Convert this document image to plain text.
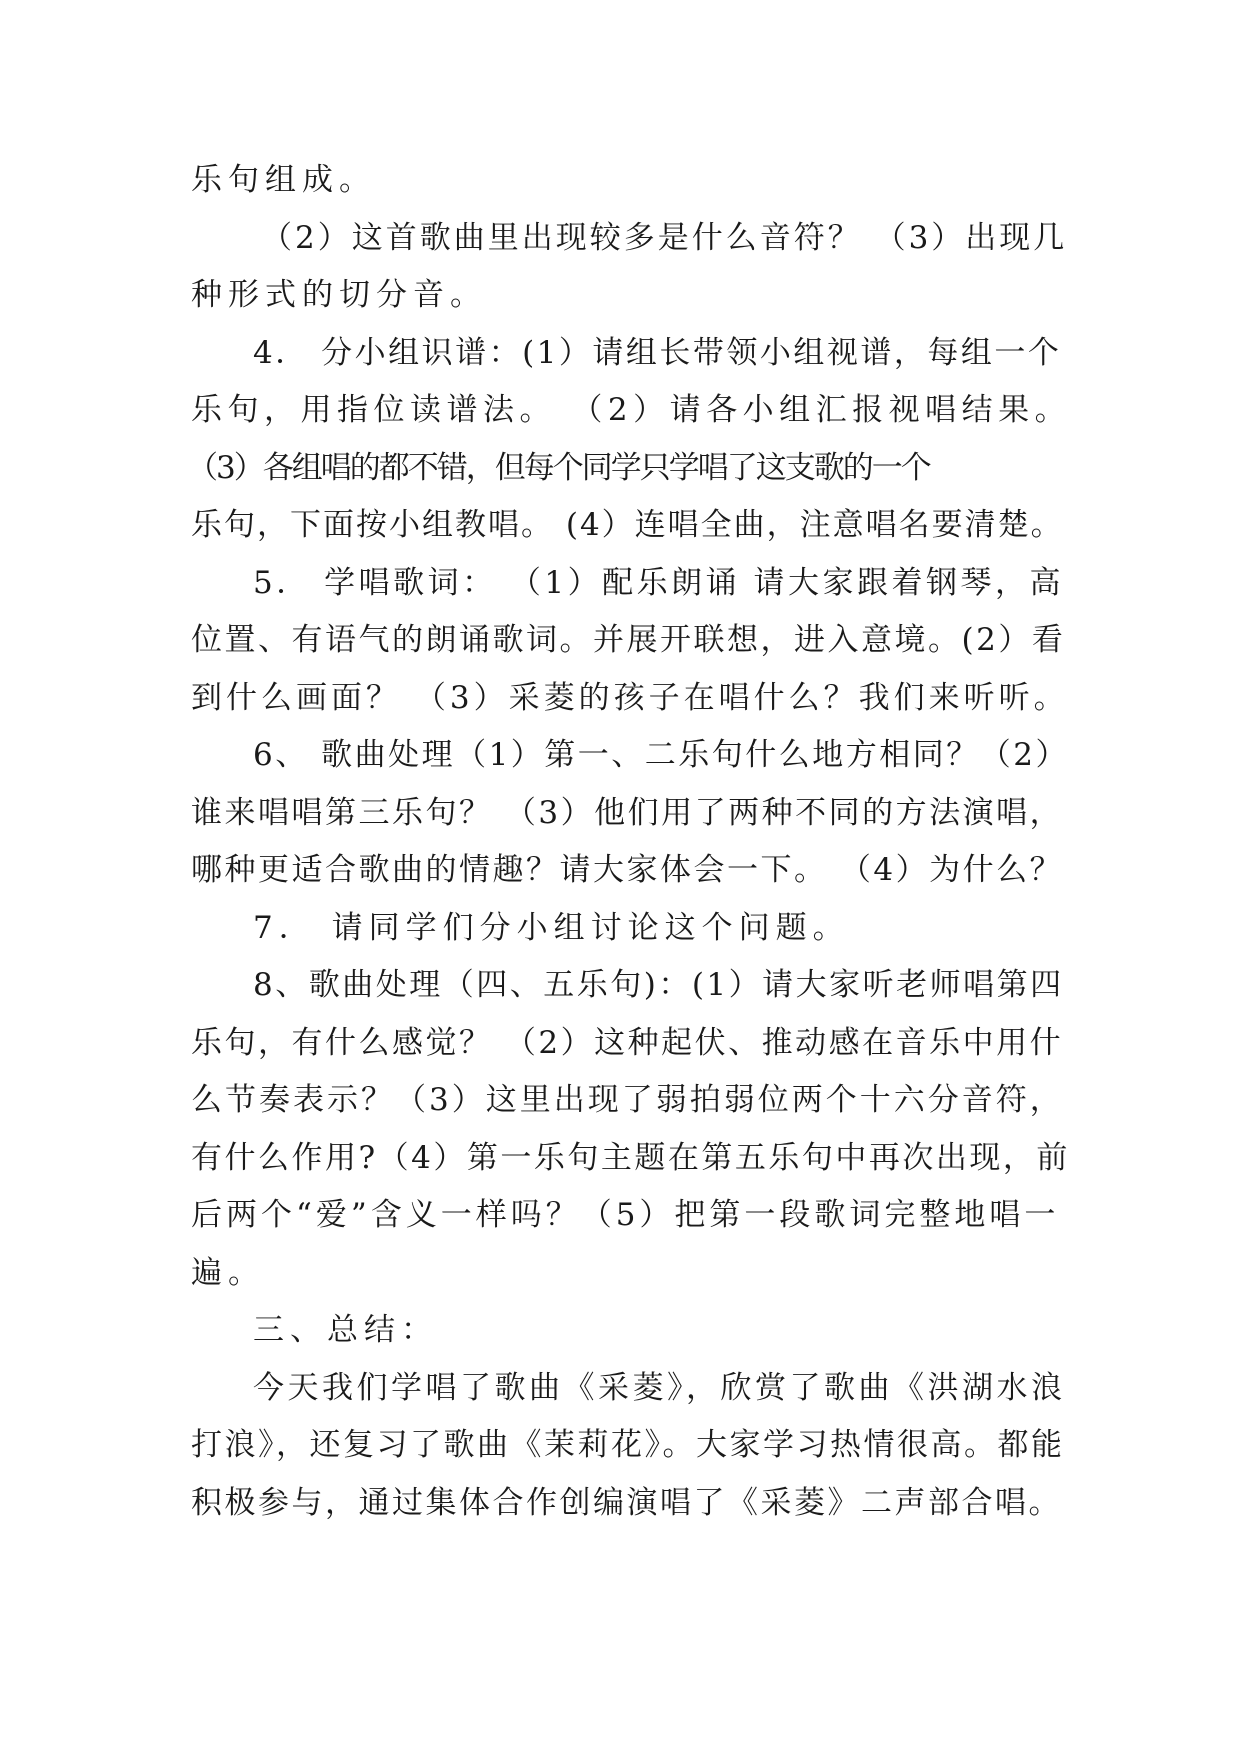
乐句组成。
（2）这首歌曲里出现较多是什么音符？ （3）出现几
种形式的切分音。
4． 分小组识谱：(1）请组长带领小组视谱，每组一个
乐句，用指位读谱法。 （2）请各小组汇报视唱结果。
（3）各组唱的都不错，但每个同学只学唱了这支歌的一个
乐句，下面按小组教唱。 (4）连唱全曲，注意唱名要清楚。
5． 学唱歌词： （1）配乐朗诵 请大家跟着钢琴，高
位置、有语气的朗诵歌词。并展开联想，进入意境。(2）看
到什么画面？ （3）采菱的孩子在唱什么？我们来听听。
6、 歌曲处理（1）第一、二乐句什么地方相同？（2）
谁来唱唱第三乐句？ （3）他们用了两种不同的方法演唱，
哪种更适合歌曲的情趣？请大家体会一下。 （4）为什么？
7． 请同学们分小组讨论这个问题。
8、歌曲处理（四、五乐句)：(1）请大家听老师唱第四
乐句，有什么感觉？ （2）这种起伏、推动感在音乐中用什
么节奏表示？（3）这里出现了弱拍弱位两个十六分音符，
有什么作用?（4）第一乐句主题在第五乐句中再次出现，前
后两个“爱”含义一样吗？（5）把第一段歌词完整地唱一
遍。
三、总结：
今天我们学唱了歌曲《采菱》，欣赏了歌曲《洪湖水浪
打浪》，还复习了歌曲《茉莉花》。大家学习热情很高。都能
积极参与，通过集体合作创编演唱了《采菱》二声部合唱。
